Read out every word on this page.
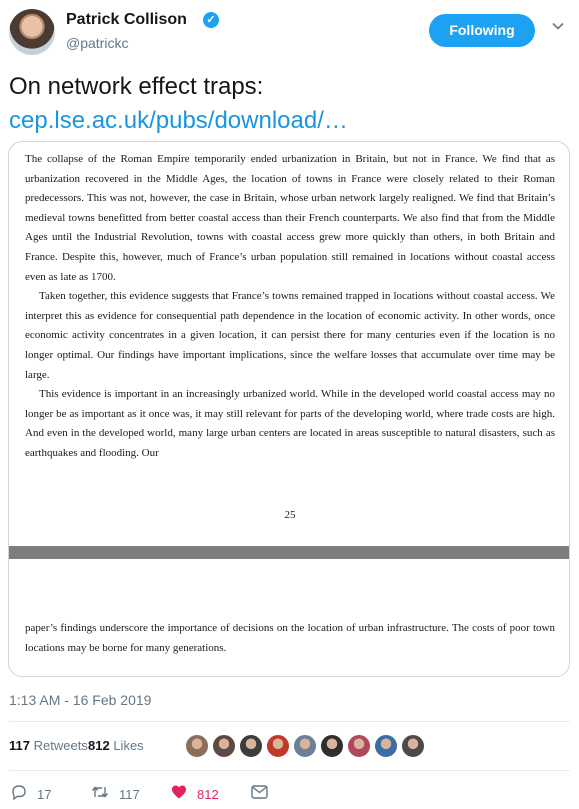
Patrick Collison	✓
@patrickc
Following
On network effect traps:
cep.lse.ac.uk/pubs/download/…

The collapse of the Roman Empire temporarily ended urbanization in Britain, but not in France. We find that as urbanization recovered in the Middle Ages, the location of towns in France were closely related to their Roman predecessors. This was not, however, the case in Britain, whose urban network largely realigned. We find that Britain’s medieval towns benefitted from better coastal access than their French counterparts. We also find that from the Middle Ages until the Industrial Revolution, towns with coastal access grew more quickly than others, in both Britain and France. Despite this, however, much of France’s urban population still remained in locations without coastal access even as late as 1700.

Taken together, this evidence suggests that France’s towns remained trapped in locations without coastal access. We interpret this as evidence for consequential path dependence in the location of economic activity. In other words, once economic activity concentrates in a given location, it can persist there for many centuries even if the location is no longer optimal. Our findings have important implications, since the welfare losses that accumulate over time may be large.

This evidence is important in an increasingly urbanized world. While in the developed world coastal access may no longer be as important as it once was, it may still relevant for parts of the developing world, where trade costs are high. And even in the developed world, many large urban centers are located in areas susceptible to natural disasters, such as earthquakes and flooding. Our

25

paper’s findings underscore the importance of decisions on the location of urban infrastructure. The costs of poor town locations may be borne for many generations.

1:13 AM - 16 Feb 2019
117 Retweets 812 Likes
17	117	812
